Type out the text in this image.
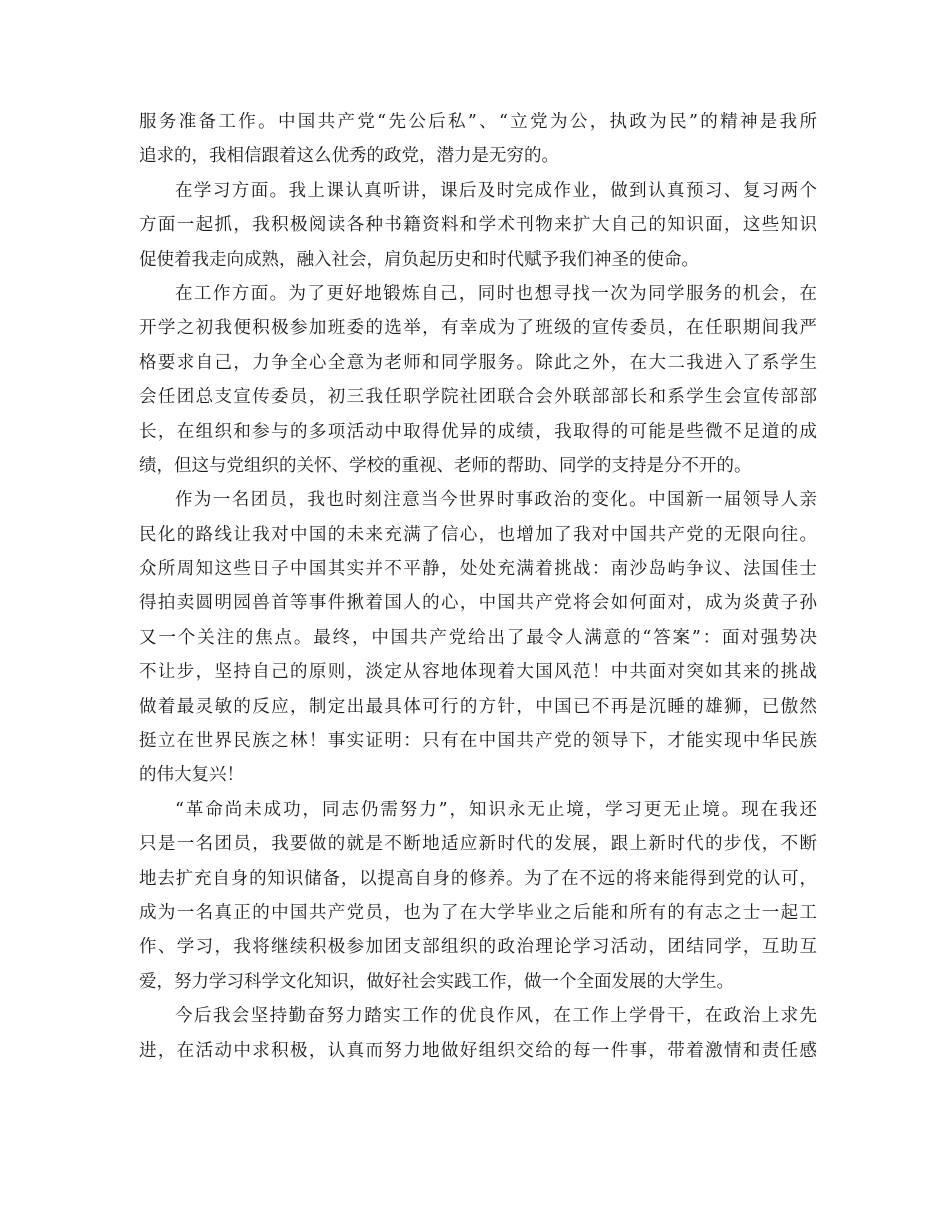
服务准备工作。中国共产党“先公后私”、“立党为公，执政为民”的精神是我所
追求的，我相信跟着这么优秀的政党，潜力是无穷的。
在学习方面。我上课认真听讲，课后及时完成作业，做到认真预习、复习两个
方面一起抓，我积极阅读各种书籍资料和学术刊物来扩大自己的知识面，这些知识
促使着我走向成熟，融入社会，肩负起历史和时代赋予我们神圣的使命。
在工作方面。为了更好地锻炼自己，同时也想寻找一次为同学服务的机会，在
开学之初我便积极参加班委的选举，有幸成为了班级的宣传委员，在任职期间我严
格要求自己，力争全心全意为老师和同学服务。除此之外，在大二我进入了系学生
会任团总支宣传委员，初三我任职学院社团联合会外联部部长和系学生会宣传部部
长，在组织和参与的多项活动中取得优异的成绩，我取得的可能是些微不足道的成
绩，但这与党组织的关怀、学校的重视、老师的帮助、同学的支持是分不开的。
作为一名团员，我也时刻注意当今世界时事政治的变化。中国新一届领导人亲
民化的路线让我对中国的未来充满了信心，也增加了我对中国共产党的无限向往。
众所周知这些日子中国其实并不平静，处处充满着挑战：南沙岛屿争议、法国佳士
得拍卖圆明园兽首等事件揪着国人的心，中国共产党将会如何面对，成为炎黄子孙
又一个关注的焦点。最终，中国共产党给出了最令人满意的“答案”：面对强势决
不让步，坚持自己的原则，淡定从容地体现着大国风范！中共面对突如其来的挑战
做着最灵敏的反应，制定出最具体可行的方针，中国已不再是沉睡的雄狮，已傲然
挺立在世界民族之林！事实证明：只有在中国共产党的领导下，才能实现中华民族
的伟大复兴！
“革命尚未成功，同志仍需努力”，知识永无止境，学习更无止境。现在我还
只是一名团员，我要做的就是不断地适应新时代的发展，跟上新时代的步伐，不断
地去扩充自身的知识储备，以提高自身的修养。为了在不远的将来能得到党的认可，
成为一名真正的中国共产党员，也为了在大学毕业之后能和所有的有志之士一起工
作、学习，我将继续积极参加团支部组织的政治理论学习活动，团结同学，互助互
爱，努力学习科学文化知识，做好社会实践工作，做一个全面发展的大学生。
今后我会坚持勤奋努力踏实工作的优良作风，在工作上学骨干，在政治上求先
进，在活动中求积极，认真而努力地做好组织交给的每一件事，带着激情和责任感
